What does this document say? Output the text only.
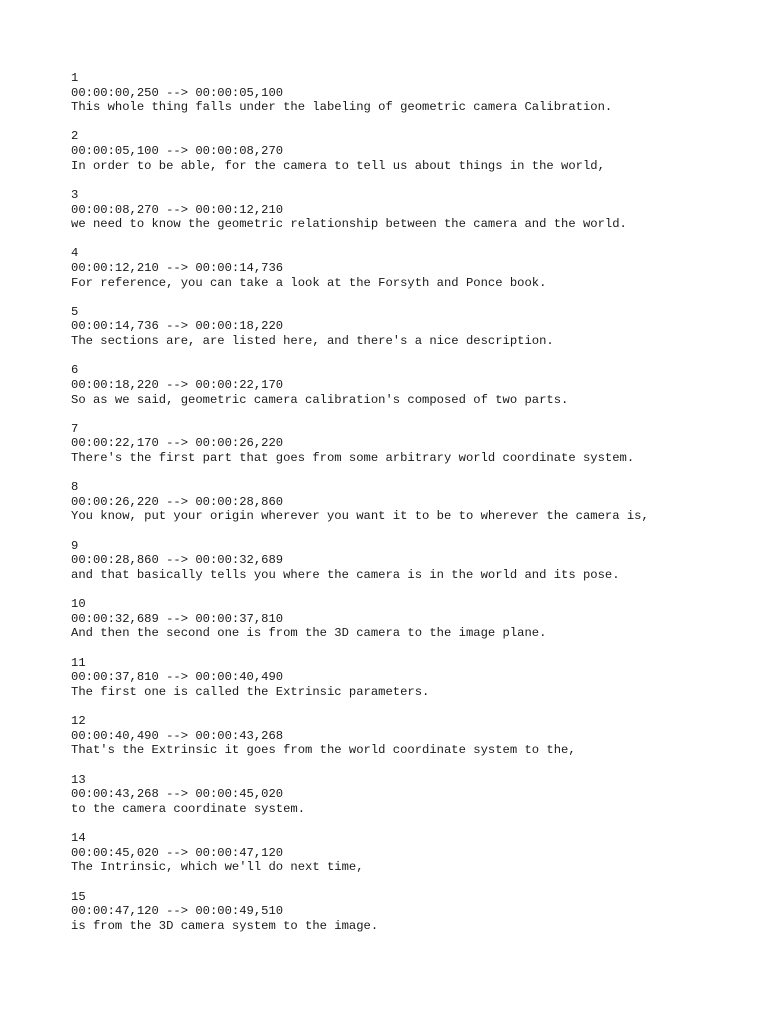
1
00:00:00,250 --> 00:00:05,100
This whole thing falls under the labeling of geometric camera Calibration.
2
00:00:05,100 --> 00:00:08,270
In order to be able, for the camera to tell us about things in the world,
3
00:00:08,270 --> 00:00:12,210
we need to know the geometric relationship between the camera and the world.
4
00:00:12,210 --> 00:00:14,736
For reference, you can take a look at the Forsyth and Ponce book.
5
00:00:14,736 --> 00:00:18,220
The sections are, are listed here, and there's a nice description.
6
00:00:18,220 --> 00:00:22,170
So as we said, geometric camera calibration's composed of two parts.
7
00:00:22,170 --> 00:00:26,220
There's the first part that goes from some arbitrary world coordinate system.
8
00:00:26,220 --> 00:00:28,860
You know, put your origin wherever you want it to be to wherever the camera is,
9
00:00:28,860 --> 00:00:32,689
and that basically tells you where the camera is in the world and its pose.
10
00:00:32,689 --> 00:00:37,810
And then the second one is from the 3D camera to the image plane.
11
00:00:37,810 --> 00:00:40,490
The first one is called the Extrinsic parameters.
12
00:00:40,490 --> 00:00:43,268
That's the Extrinsic it goes from the world coordinate system to the,
13
00:00:43,268 --> 00:00:45,020
to the camera coordinate system.
14
00:00:45,020 --> 00:00:47,120
The Intrinsic, which we'll do next time,
15
00:00:47,120 --> 00:00:49,510
is from the 3D camera system to the image.
